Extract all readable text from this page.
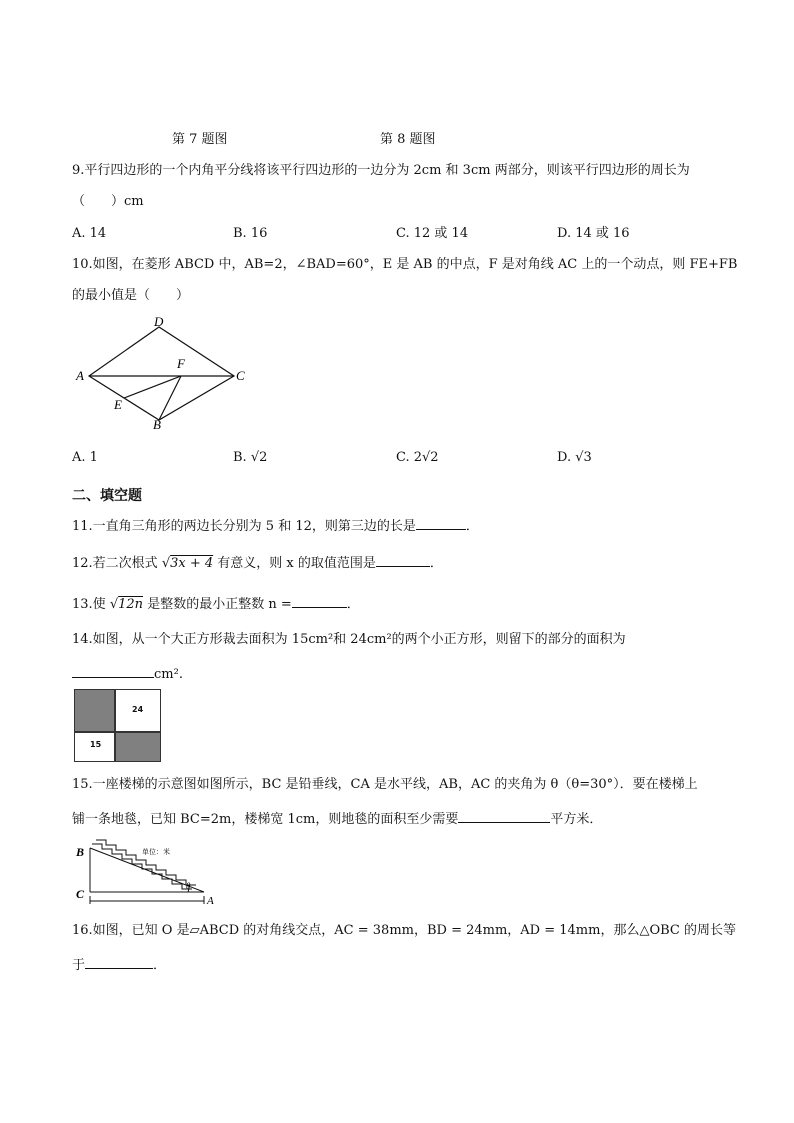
第 7 题图	第 8 题图
9.平行四边形的一个内角平分线将该平行四边形的一边分为 2cm 和 3cm 两部分，则该平行四边形的周长为
（　　）cm
A. 14	B. 16	C. 12 或 14	D. 14 或 16
10.如图，在菱形 ABCD 中，AB=2，∠BAD=60°，E 是 AB 的中点，F 是对角线 AC 上的一个动点，则 FE+FB
的最小值是（　　）
D
A	C
F
E
B
A. 1	B. √2	C. 2√2	D. √3
二、填空题
11.一直角三角形的两边长分别为 5 和 12，则第三边的长是	．
12.若二次根式 √3x + 4 有意义，则 x 的取值范围是	．
13.使 √12n 是整数的最小正整数 n =	．
14.如图，从一个大正方形裁去面积为 15cm²和 24cm²的两个小正方形，则留下的部分的面积为
cm².
24
15
15.一座楼梯的示意图如图所示，BC 是铅垂线，CA 是水平线，AB，AC 的夹角为 θ（θ=30°）．要在楼梯上
铺一条地毯，已知 BC=2m，楼梯宽 1cm，则地毯的面积至少需要	平方米．
B
C	A
单位：米
θ
16.如图，已知 O 是▱ABCD 的对角线交点，AC = 38mm，BD = 24mm，AD = 14mm，那么△OBC 的周长等
于	．
